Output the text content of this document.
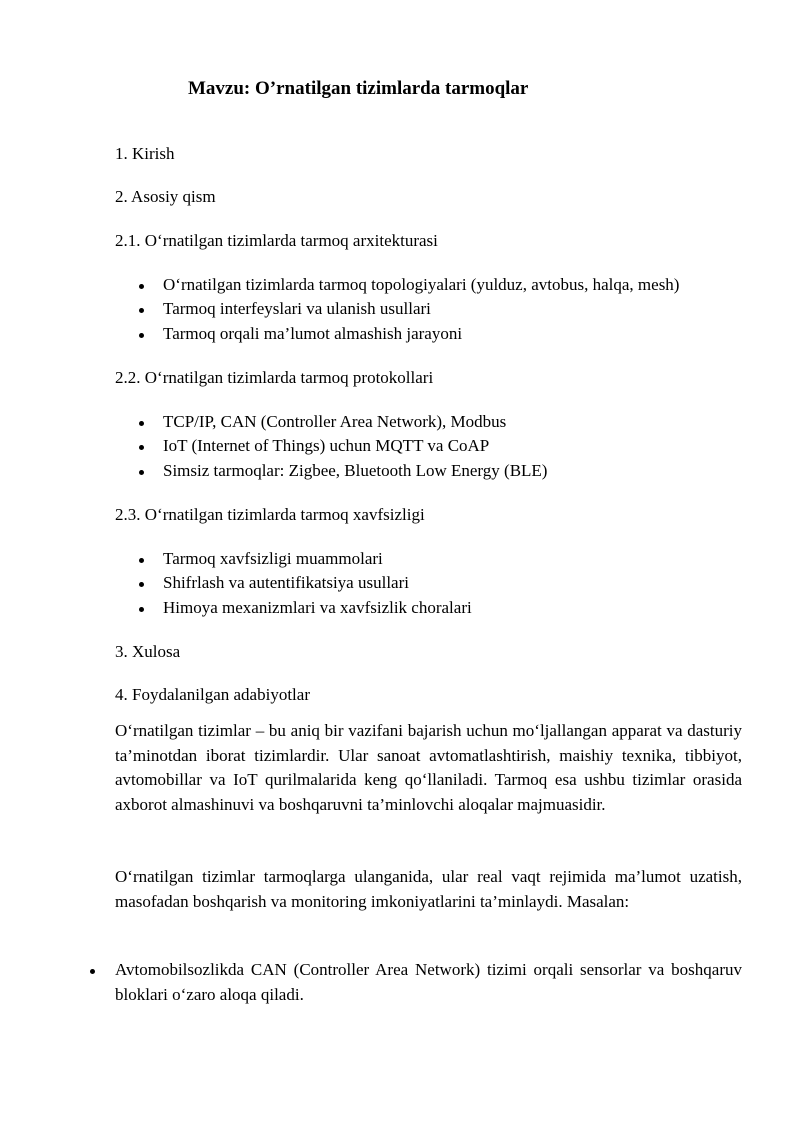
Mavzu: O’rnatilgan tizimlarda tarmoqlar
1. Kirish
2. Asosiy qism
2.1. O‘rnatilgan tizimlarda tarmoq arxitekturasi
O‘rnatilgan tizimlarda tarmoq topologiyalari (yulduz, avtobus, halqa, mesh)
Tarmoq interfeyslari va ulanish usullari
Tarmoq orqali ma’lumot almashish jarayoni
2.2. O‘rnatilgan tizimlarda tarmoq protokollari
TCP/IP, CAN (Controller Area Network), Modbus
IoT (Internet of Things) uchun MQTT va CoAP
Simsiz tarmoqlar: Zigbee, Bluetooth Low Energy (BLE)
2.3. O‘rnatilgan tizimlarda tarmoq xavfsizligi
Tarmoq xavfsizligi muammolari
Shifrlash va autentifikatsiya usullari
Himoya mexanizmlari va xavfsizlik choralari
3. Xulosa
4. Foydalanilgan adabiyotlar
O‘rnatilgan tizimlar – bu aniq bir vazifani bajarish uchun mo‘ljallangan apparat va dasturiy ta’minotdan iborat tizimlardir. Ular sanoat avtomatlashtirish, maishiy texnika, tibbiyot, avtomobillar va IoT qurilmalarida keng qo‘llaniladi. Tarmoq esa ushbu tizimlar orasida axborot almashinuvi va boshqaruvni ta’minlovchi aloqalar majmuasidir.
O‘rnatilgan tizimlar tarmoqlarga ulanganida, ular real vaqt rejimida ma’lumot uzatish, masofadan boshqarish va monitoring imkoniyatlarini ta’minlaydi. Masalan:
Avtomobilsozlikda CAN (Controller Area Network) tizimi orqali sensorlar va boshqaruv bloklari o‘zaro aloqa qiladi.
